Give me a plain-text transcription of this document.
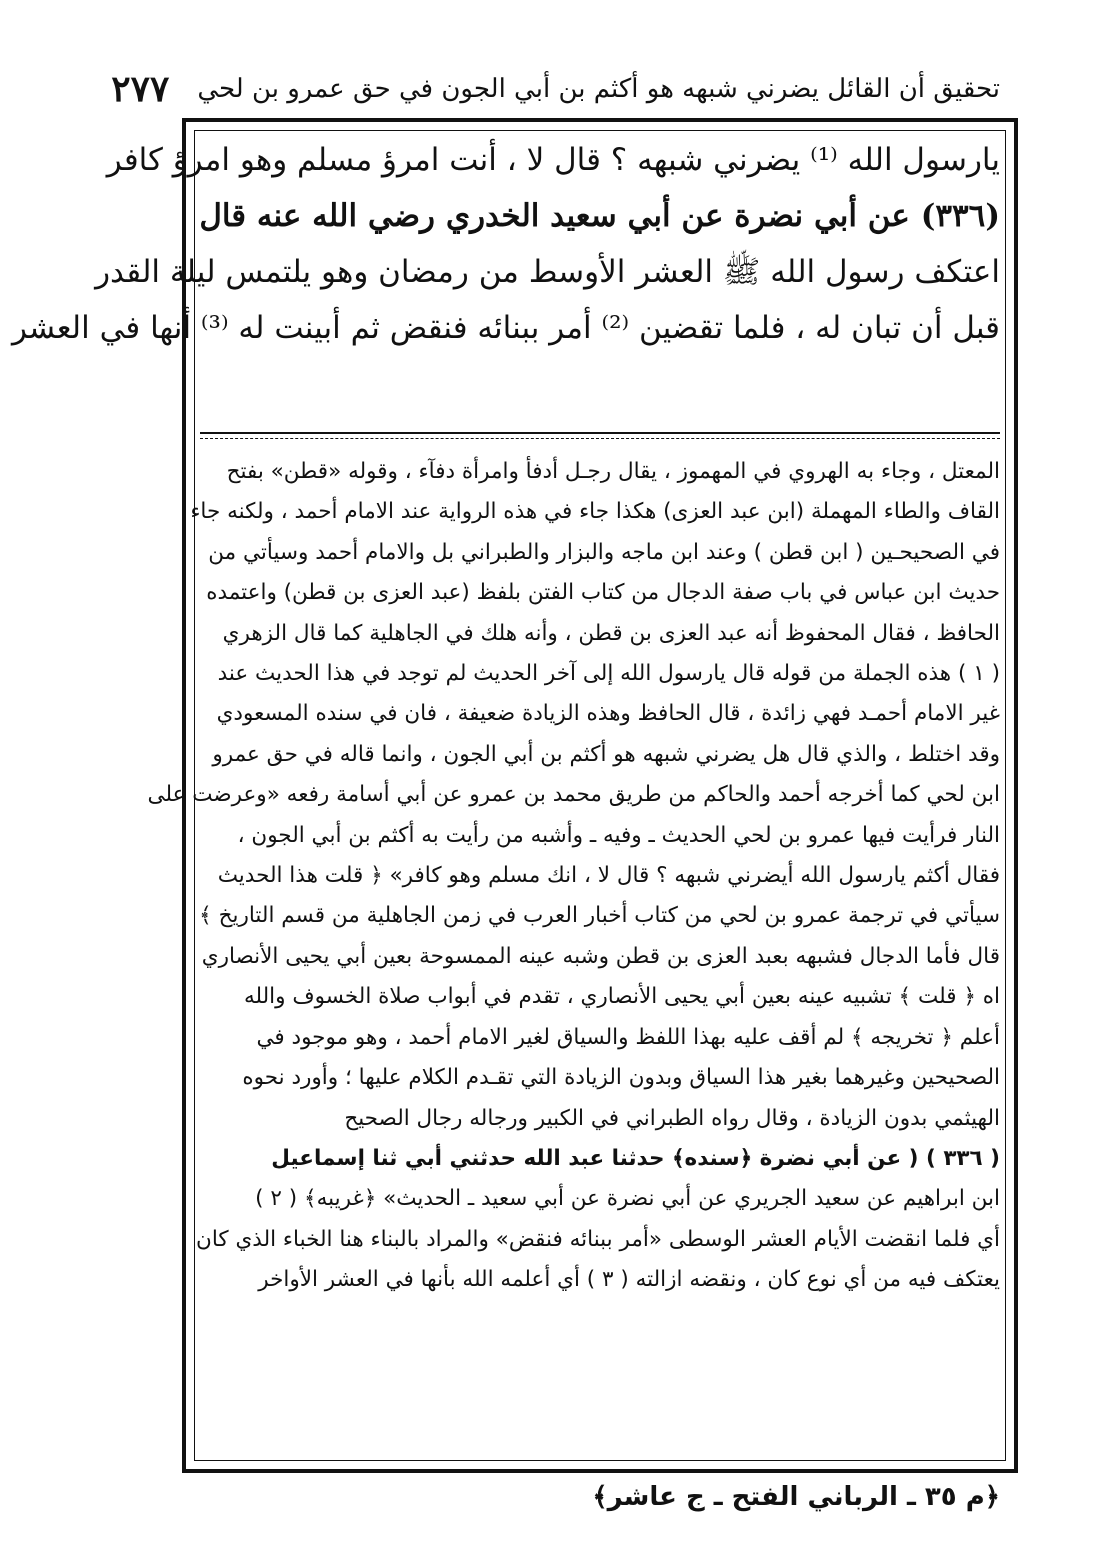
تحقيق أن القائل يضرني شبهه هو أكثم بن أبي الجون في حق عمرو بن لحي
٢٧٧

يارسول الله ⁽¹⁾ يضرني شبهه ؟ قال لا ، أنت امرؤ مسلم وهو امرؤ كافر

(٣٣٦) عن أبي نضرة عن أبي سعيد الخدري رضي الله عنه قال

اعتكف رسول الله ﷺ العشر الأوسط من رمضان وهو يلتمس ليلة القدر

قبل أن تبان له ، فلما تقضين ⁽²⁾ أمر ببنائه فنقض ثم أبينت له ⁽³⁾ أنها في العشر

المعتل ، وجاء به الهروي في المهموز ، يقال رجـل أدفأ وامرأة دفآء ، وقوله «قطن» بفتح

القاف والطاء المهملة (ابن عبد العزى) هكذا جاء في هذه الرواية عند الامام أحمد ، ولكنه جاء

في الصحيحـين ( ابن قطن ) وعند ابن ماجه والبزار والطبراني بل والامام أحمد وسيأتي من

حديث ابن عباس في باب صفة الدجال من كتاب الفتن بلفظ (عبد العزى بن قطن) واعتمده

الحافظ ، فقال المحفوظ أنه عبد العزى بن قطن ، وأنه هلك في الجاهلية كما قال الزهري

( ١ ) هذه الجملة من قوله قال يارسول الله إلى آخر الحديث لم توجد في هذا الحديث عند

غير الامام أحمـد فهي زائدة ، قال الحافظ وهذه الزيادة ضعيفة ، فان في سنده المسعودي

وقد اختلط ، والذي قال هل يضرني شبهه هو أكثم بن أبي الجون ، وانما قاله في حق عمرو

ابن لحي كما أخرجه أحمد والحاكم من طريق محمد بن عمرو عن أبي أسامة رفعه «وعرضت على

النار فرأيت فيها عمرو بن لحي الحديث ـ وفيه ـ وأشبه من رأيت به أكثم بن أبي الجون ،

فقال أكثم يارسول الله أيضرني شبهه ؟ قال لا ، انك مسلم وهو كافر» ﴿ قلت هذا الحديث

سيأتي في ترجمة عمرو بن لحي من كتاب أخبار العرب في زمن الجاهلية من قسم التاريخ ﴾

قال فأما الدجال فشبهه بعبد العزى بن قطن وشبه عينه الممسوحة بعين أبي يحيى الأنصاري

اه ﴿ قلت ﴾ تشبيه عينه بعين أبي يحيى الأنصاري ، تقدم في أبواب صلاة الخسوف والله

أعلم ﴿ تخريجه ﴾ لم أقف عليه بهذا اللفظ والسياق لغير الامام أحمد ، وهو موجود في

الصحيحين وغيرهما بغير هذا السياق وبدون الزيادة التي تقـدم الكلام عليها ؛ وأورد نحوه

الهيثمي بدون الزيادة ، وقال رواه الطبراني في الكبير ورجاله رجال الصحيح

( ٣٣٦ ) ( عن أبي نضرة ﴿سنده﴾ حدثنا عبد الله حدثني أبي ثنا إسماعيل

ابن ابراهيم عن سعيد الجريري عن أبي نضرة عن أبي سعيد ـ الحديث» ﴿غريبه﴾ ( ٢ )

أي فلما انقضت الأيام العشر الوسطى «أمر ببنائه فنقض» والمراد بالبناء هنا الخباء الذي كان

يعتكف فيه من أي نوع كان ، ونقضه ازالته ( ٣ ) أي أعلمه الله بأنها في العشر الأواخر

﴿م ٣٥ ـ الرباني الفتح ـ ج عاشر﴾
